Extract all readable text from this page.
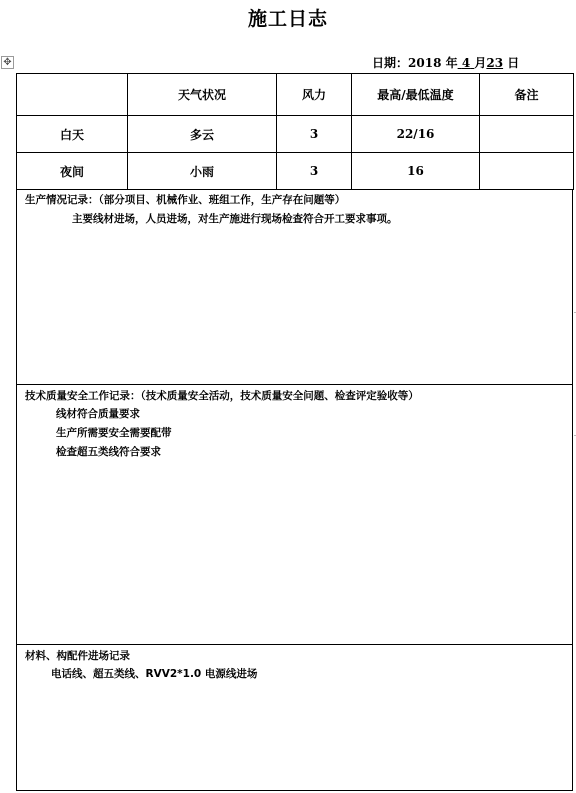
施工日志
✥	日期：2018 年 4 月23 日
	天气状况	风力	最高/最低温度	备注
白天	多云	3	22/16	
夜间	小雨	3	16	
生产情况记录：（部分项目、机械作业、班组工作，生产存在问题等）
主要线材进场，人员进场，对生产施进行现场检查符合开工要求事项。
技术质量安全工作记录：（技术质量安全活动，技术质量安全问题、检查评定验收等）
线材符合质量要求
生产所需要安全需要配带
检查超五类线符合要求
材料、构配件进场记录
电话线、超五类线、RVV2*1.0 电源线进场
